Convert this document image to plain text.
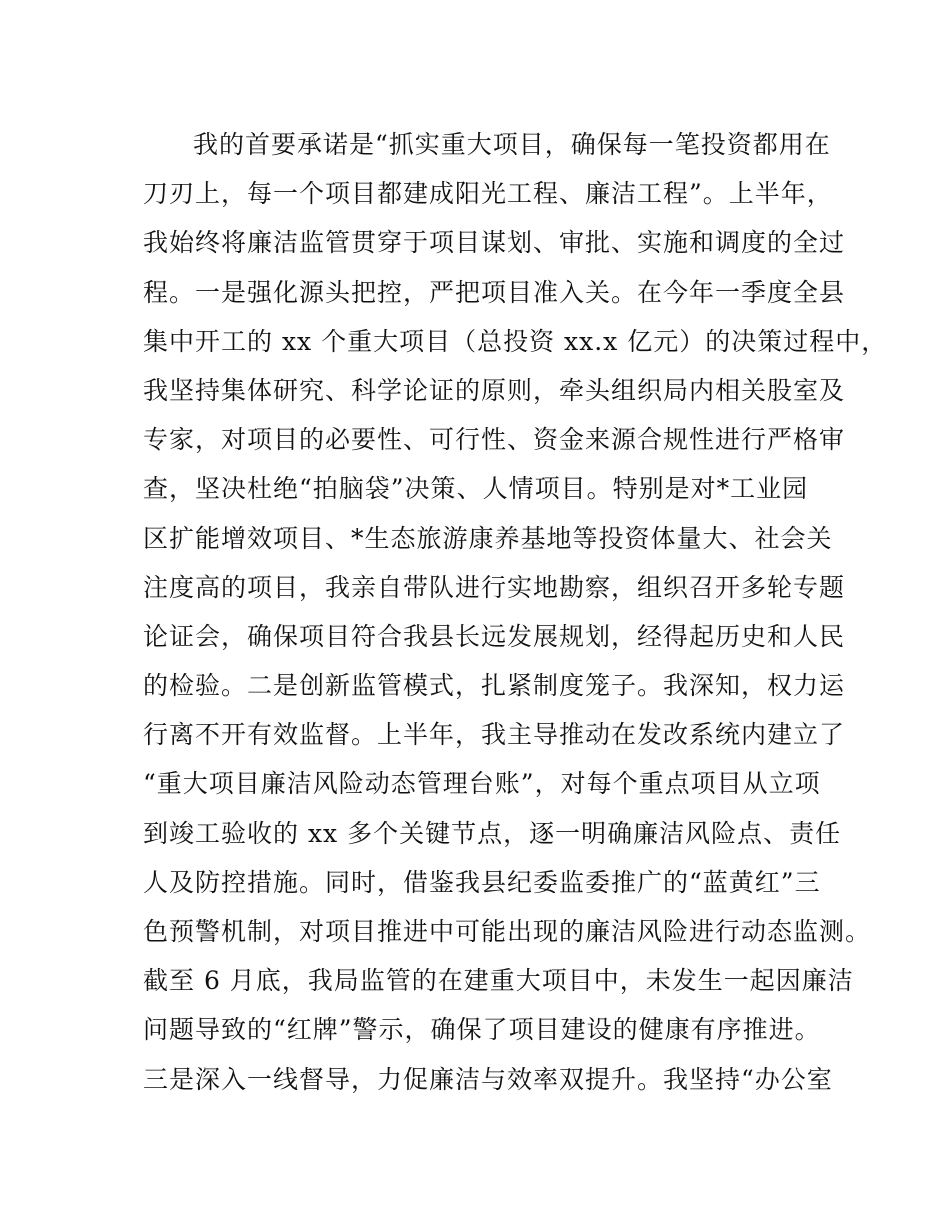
我的首要承诺是“抓实重大项目，确保每一笔投资都用在
刀刃上，每一个项目都建成阳光工程、廉洁工程”。上半年，
我始终将廉洁监管贯穿于项目谋划、审批、实施和调度的全过
程。一是强化源头把控，严把项目准入关。在今年一季度全县
集中开工的 xx 个重大项目（总投资 xx.x 亿元）的决策过程中，
我坚持集体研究、科学论证的原则，牵头组织局内相关股室及
专家，对项目的必要性、可行性、资金来源合规性进行严格审
查，坚决杜绝“拍脑袋”决策、人情项目。特别是对*工业园
区扩能增效项目、*生态旅游康养基地等投资体量大、社会关
注度高的项目，我亲自带队进行实地勘察，组织召开多轮专题
论证会，确保项目符合我县长远发展规划，经得起历史和人民
的检验。二是创新监管模式，扎紧制度笼子。我深知，权力运
行离不开有效监督。上半年，我主导推动在发改系统内建立了
“重大项目廉洁风险动态管理台账”，对每个重点项目从立项
到竣工验收的 xx 多个关键节点，逐一明确廉洁风险点、责任
人及防控措施。同时，借鉴我县纪委监委推广的“蓝黄红”三
色预警机制，对项目推进中可能出现的廉洁风险进行动态监测。
截至 6 月底，我局监管的在建重大项目中，未发生一起因廉洁
问题导致的“红牌”警示，确保了项目建设的健康有序推进。
三是深入一线督导，力促廉洁与效率双提升。我坚持“办公室
